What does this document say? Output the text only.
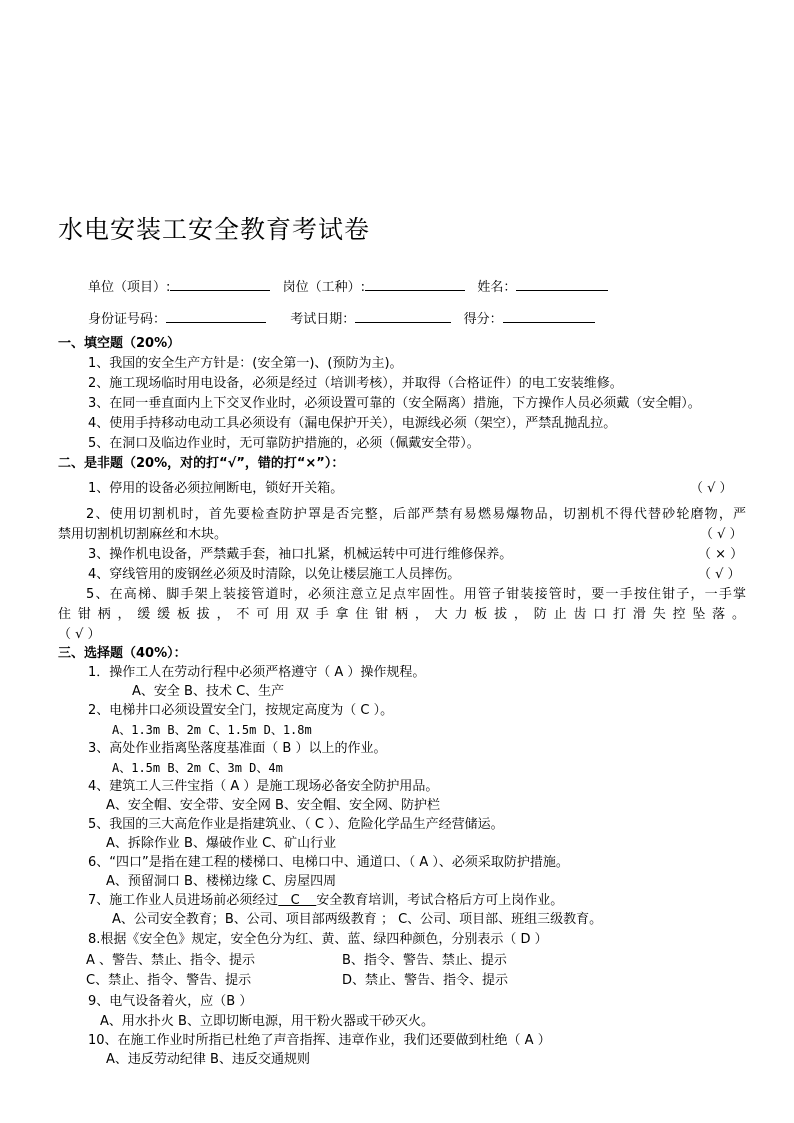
水电安装工安全教育考试卷
单位（项目）:	岗位（工种）:	姓名：
身份证号码：	考试日期：	得分：
一、填空题（20%）
1、我国的安全生产方针是：(安全第一)、(预防为主)。
2、施工现场临时用电设备，必须是经过（培训考核），并取得（合格证件）的电工安装维修。
3、在同一垂直面内上下交叉作业时，必须设置可靠的（安全隔离）措施，下方操作人员必须戴（安全帽）。
4、使用手持移动电动工具必须设有（漏电保护开关），电源线必须（架空），严禁乱抛乱拉。
5、在洞口及临边作业时，无可靠防护措施的，必须（佩戴安全带）。
二、是非题（20%，对的打“√”，错的打“×”）：
1、停用的设备必须拉闸断电，锁好开关箱。	（ √ ）
2、使用切割机时，首先要检查防护罩是否完整，后部严禁有易燃易爆物品，切割机不得代替砂轮磨物，严
禁用切割机切割麻丝和木块。	（ √ ）
3、操作机电设备，严禁戴手套，袖口扎紧，机械运转中可进行维修保养。	（ × ）
4、穿线管用的废钢丝必须及时清除，以免让楼层施工人员摔伤。	（ √ ）
5、在高梯、脚手架上装接管道时，必须注意立足点牢固性。用管子钳装接管时，要一手按住钳子，一手掌
住钳柄，缓缓板拔，不可用双手拿住钳柄，大力板拔，防止齿口打滑失控坠落。
（ √ ）
三、选择题（40%）：
1．操作工人在劳动行程中必须严格遵守（ A ）操作规程。
A、安全 B、技术 C、生产
2、电梯井口必须设置安全门，按规定高度为（ C ）。
A、1.3m B、2m C、1.5m D、1.8m
3、高处作业指离坠落度基准面（ B ）以上的作业。
A、1.5m B、2m C、3m D、4m
4、建筑工人三件宝指（ A ）是施工现场必备安全防护用品。
A、安全帽、安全带、安全网 B、安全帽、安全网、防护栏
5、我国的三大高危作业是指建筑业、（ C ）、危险化学品生产经营储运。
A、拆除作业 B、爆破作业 C、矿山行业
6、“四口”是指在建工程的楼梯口、电梯口中、通道口、（ A ）、必须采取防护措施。
A、预留洞口 B、楼梯边缘 C、房屋四周
7、施工作业人员进场前必须经过   C    安全教育培训，考试合格后方可上岗作业。
A、公司安全教育；B、公司、项目部两级教育 ； C、公司、项目部、班组三级教育。
8.根据《安全色》规定，安全色分为红、黄、蓝、绿四种颜色，分别表示（ D ）
A 、警告、禁止、指令、提示	B、指令、警告、禁止、提示
C、禁止、指令、警告、提示	D、禁止、警告、指令、提示
9、电气设备着火，应（B ）
A、用水扑火 B、立即切断电源，用干粉火器或干砂灭火。
10、在施工作业时所指已杜绝了声音指挥、违章作业，我们还要做到杜绝（ A ）
A、违反劳动纪律 B、违反交通规则
